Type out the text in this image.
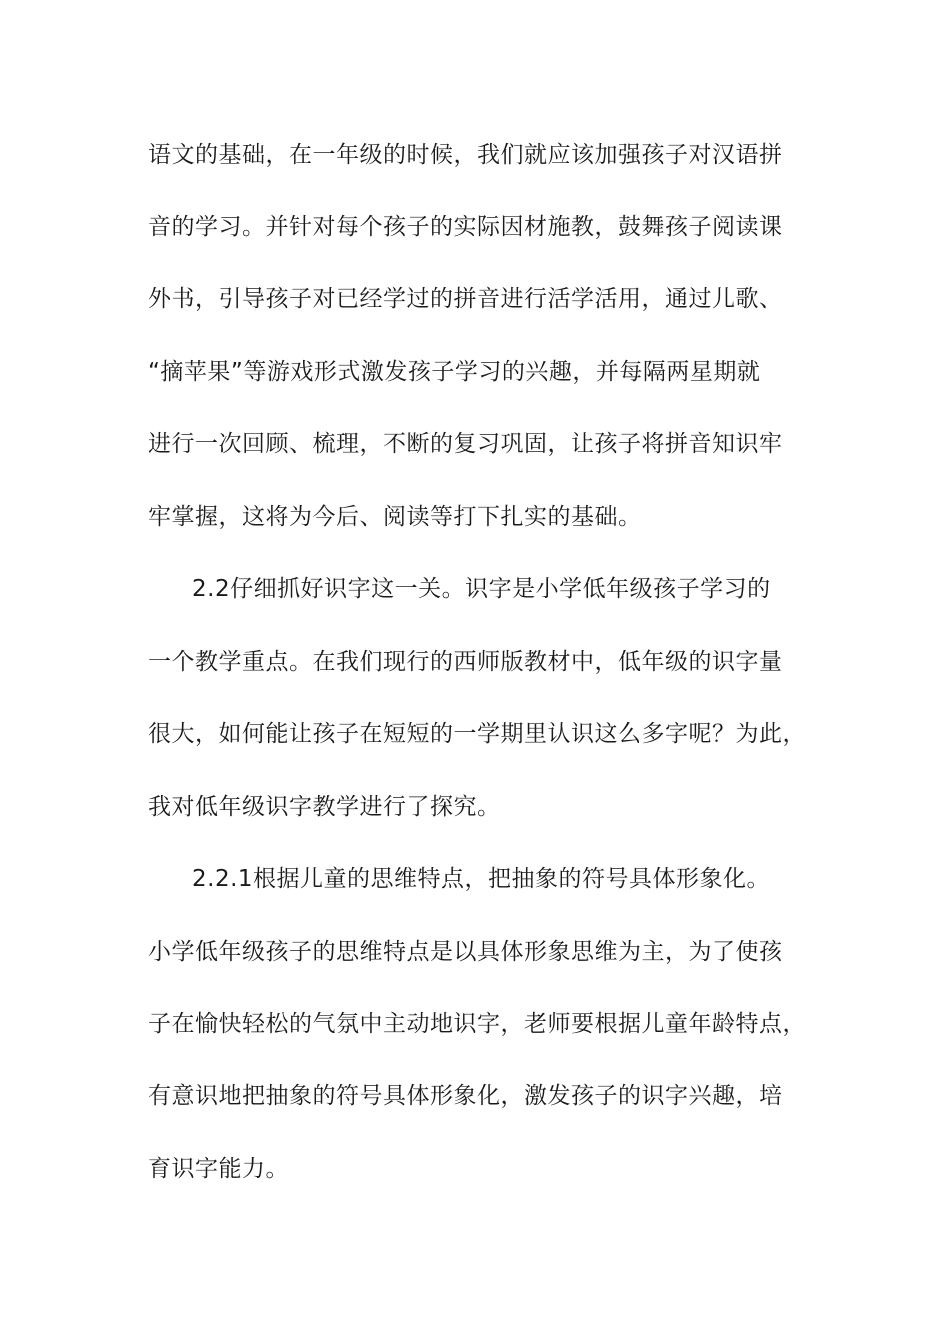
语文的基础，在一年级的时候，我们就应该加强孩子对汉语拼
音的学习。并针对每个孩子的实际因材施教，鼓舞孩子阅读课
外书，引导孩子对已经学过的拼音进行活学活用，通过儿歌、
“摘苹果”等游戏形式激发孩子学习的兴趣，并每隔两星期就
进行一次回顾、梳理，不断的复习巩固，让孩子将拼音知识牢
牢掌握，这将为今后、阅读等打下扎实的基础。
2.2仔细抓好识字这一关。识字是小学低年级孩子学习的
一个教学重点。在我们现行的西师版教材中，低年级的识字量
很大，如何能让孩子在短短的一学期里认识这么多字呢？为此，
我对低年级识字教学进行了探究。
2.2.1根据儿童的思维特点，把抽象的符号具体形象化。
小学低年级孩子的思维特点是以具体形象思维为主，为了使孩
子在愉快轻松的气氛中主动地识字，老师要根据儿童年龄特点，
有意识地把抽象的符号具体形象化，激发孩子的识字兴趣，培
育识字能力。
